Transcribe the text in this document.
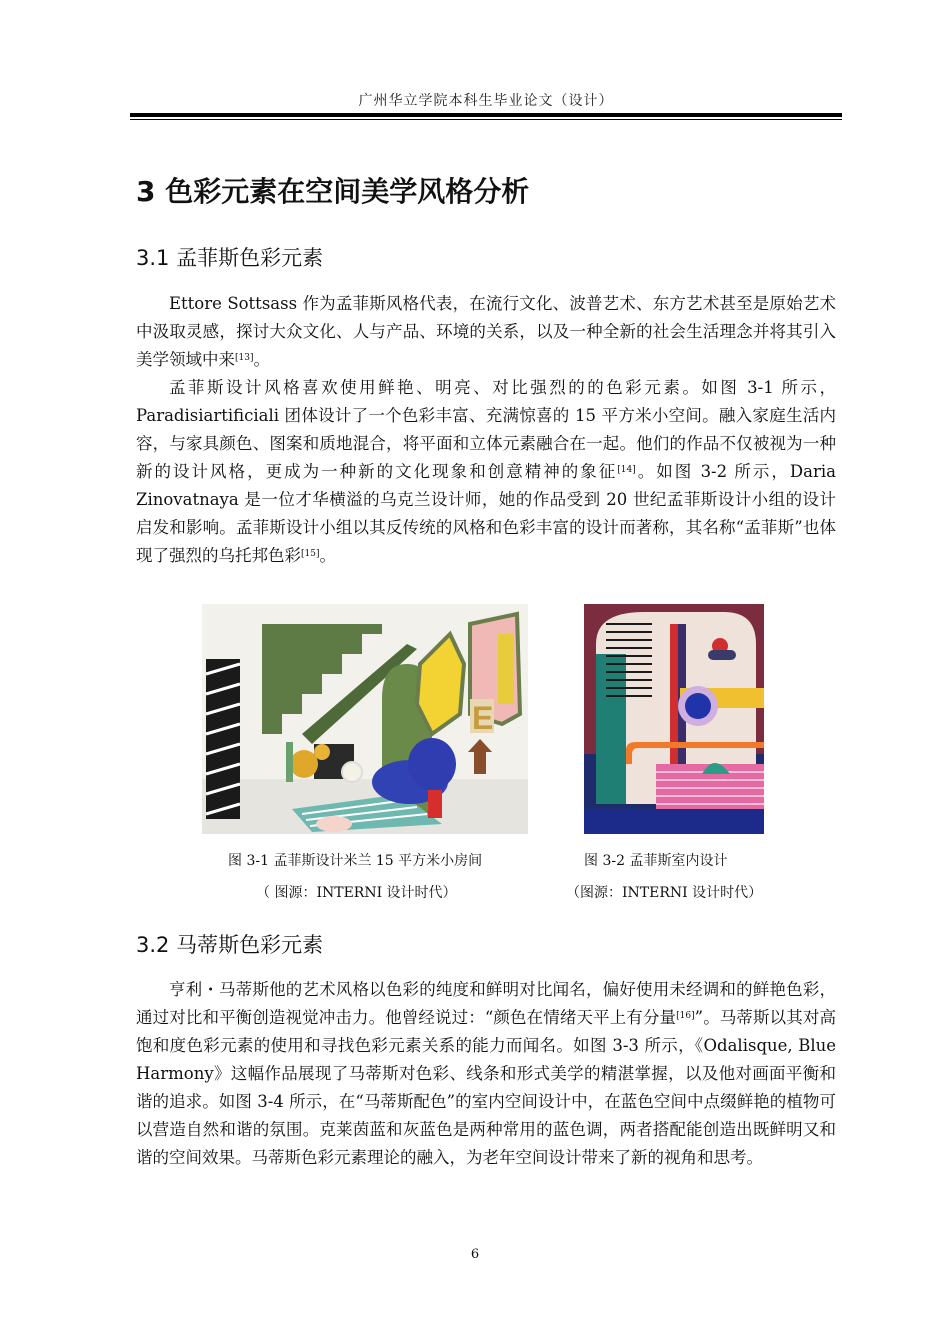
广州华立学院本科生毕业论文（设计）
3 色彩元素在空间美学风格分析
3.1 孟菲斯色彩元素

Ettore Sottsass 作为孟菲斯风格代表，在流行文化、波普艺术、东方艺术甚至是原始艺术中汲取灵感，探讨大众文化、人与产品、环境的关系，以及一种全新的社会生活理念并将其引入美学领域中来[13]。

孟菲斯设计风格喜欢使用鲜艳、明亮、对比强烈的的色彩元素。如图 3-1 所示，Paradisiartificiali 团体设计了一个色彩丰富、充满惊喜的 15 平方米小空间。融入家庭生活内容，与家具颜色、图案和质地混合，将平面和立体元素融合在一起。他们的作品不仅被视为一种新的设计风格，更成为一种新的文化现象和创意精神的象征[14]。如图 3-2 所示，Daria Zinovatnaya 是一位才华横溢的乌克兰设计师，她的作品受到 20 世纪孟菲斯设计小组的设计启发和影响。孟菲斯设计小组以其反传统的风格和色彩丰富的设计而著称，其名称“孟菲斯”也体现了强烈的乌托邦色彩[15]。

E
图 3-1 孟菲斯设计米兰 15 平方米小房间
（ 图源：INTERNI 设计时代）
图 3-2 孟菲斯室内设计
（图源：INTERNI 设计时代）
3.2 马蒂斯色彩元素

亨利・马蒂斯他的艺术风格以色彩的纯度和鲜明对比闻名，偏好使用未经调和的鲜艳色彩，通过对比和平衡创造视觉冲击力。他曾经说过：“颜色在情绪天平上有分量[16]”。马蒂斯以其对高饱和度色彩元素的使用和寻找色彩元素关系的能力而闻名。如图 3-3 所示，《Odalisque, Blue Harmony》这幅作品展现了马蒂斯对色彩、线条和形式美学的精湛掌握，以及他对画面平衡和谐的追求。如图 3-4 所示，在“马蒂斯配色”的室内空间设计中，在蓝色空间中点缀鲜艳的植物可以营造自然和谐的氛围。克莱茵蓝和灰蓝色是两种常用的蓝色调，两者搭配能创造出既鲜明又和谐的空间效果。马蒂斯色彩元素理论的融入，为老年空间设计带来了新的视角和思考。

6
